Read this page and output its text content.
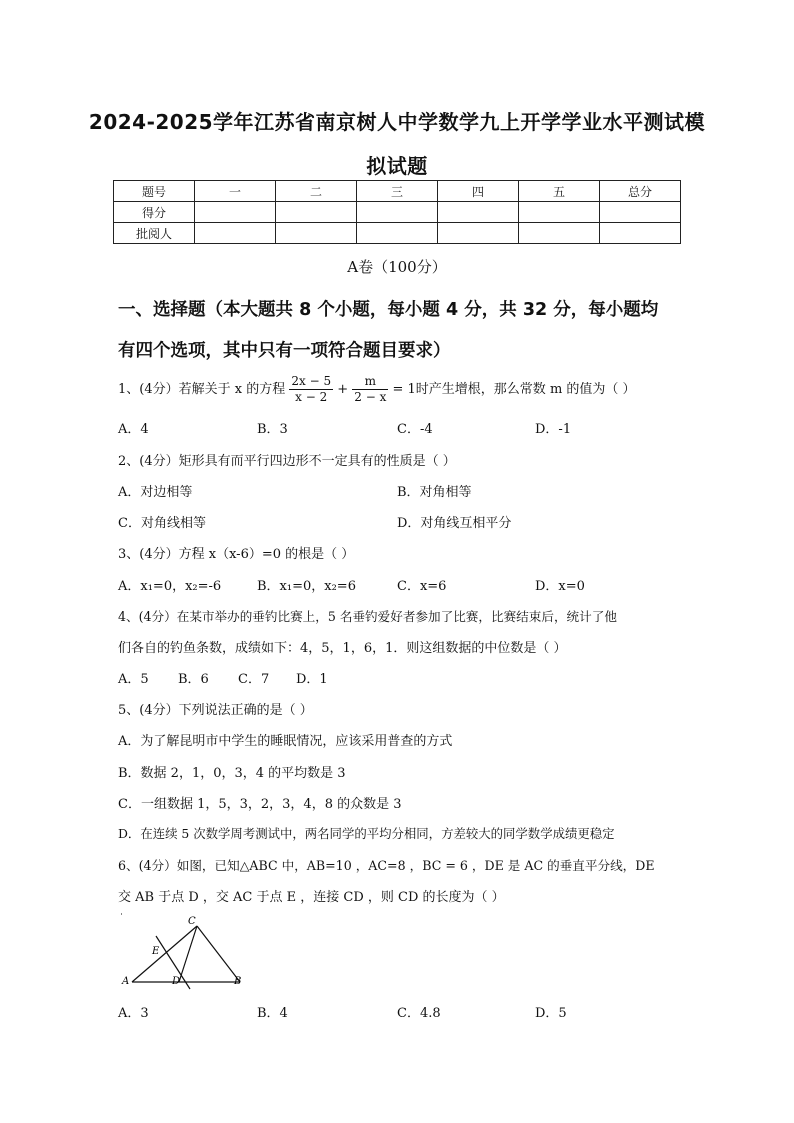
2024-2025学年江苏省南京树人中学数学九上开学学业水平测试模
拟试题
题号	一	二	三	四	五	总分
得分						
批阅人						
A卷（100分）
一、选择题（本大题共 8 个小题，每小题 4 分，共 32 分，每小题均
有四个选项，其中只有一项符合题目要求）
1、(4分）若解关于 x 的方程 $\frac{2x - 5}{x - 2} + \frac{m}{2 - x} = 1$时产生增根，那么常数 m 的值为（ ）
A．4	B．3	C．-4	D．-1
2、(4分）矩形具有而平行四边形不一定具有的性质是（ ）
A．对边相等	B．对角相等
C．对角线相等	D．对角线互相平分
3、(4分）方程 x（x-6）=0 的根是（ ）
A．x₁=0，x₂=-6	B．x₁=0，x₂=6	C．x=6	D．x=0
4、(4分）在某市举办的垂钓比赛上，5 名垂钓爱好者参加了比赛，比赛结束后，统计了他
们各自的钓鱼条数，成绩如下：4，5，1，6，1．则这组数据的中位数是（ ）
A．5 B．6 C．7 D．1
5、(4分）下列说法正确的是（ ）
A．为了解昆明市中学生的睡眠情况，应该采用普查的方式
B．数据 2，1，0，3，4 的平均数是 3
C．一组数据 1，5，3，2，3，4，8 的众数是 3
D．在连续 5 次数学周考测试中，两名同学的平均分相同，方差较大的同学数学成绩更稳定
6、(4分）如图，已知△ABC 中，AB=10 ，AC=8 ，BC = 6 ，DE 是 AC 的垂直平分线，DE
交 AB 于点 D ，交 AC 于点 E ，连接 CD ，则 CD 的长度为（ ）
C
E
A	D	B
A．3	B．4	C．4.8	D．5
